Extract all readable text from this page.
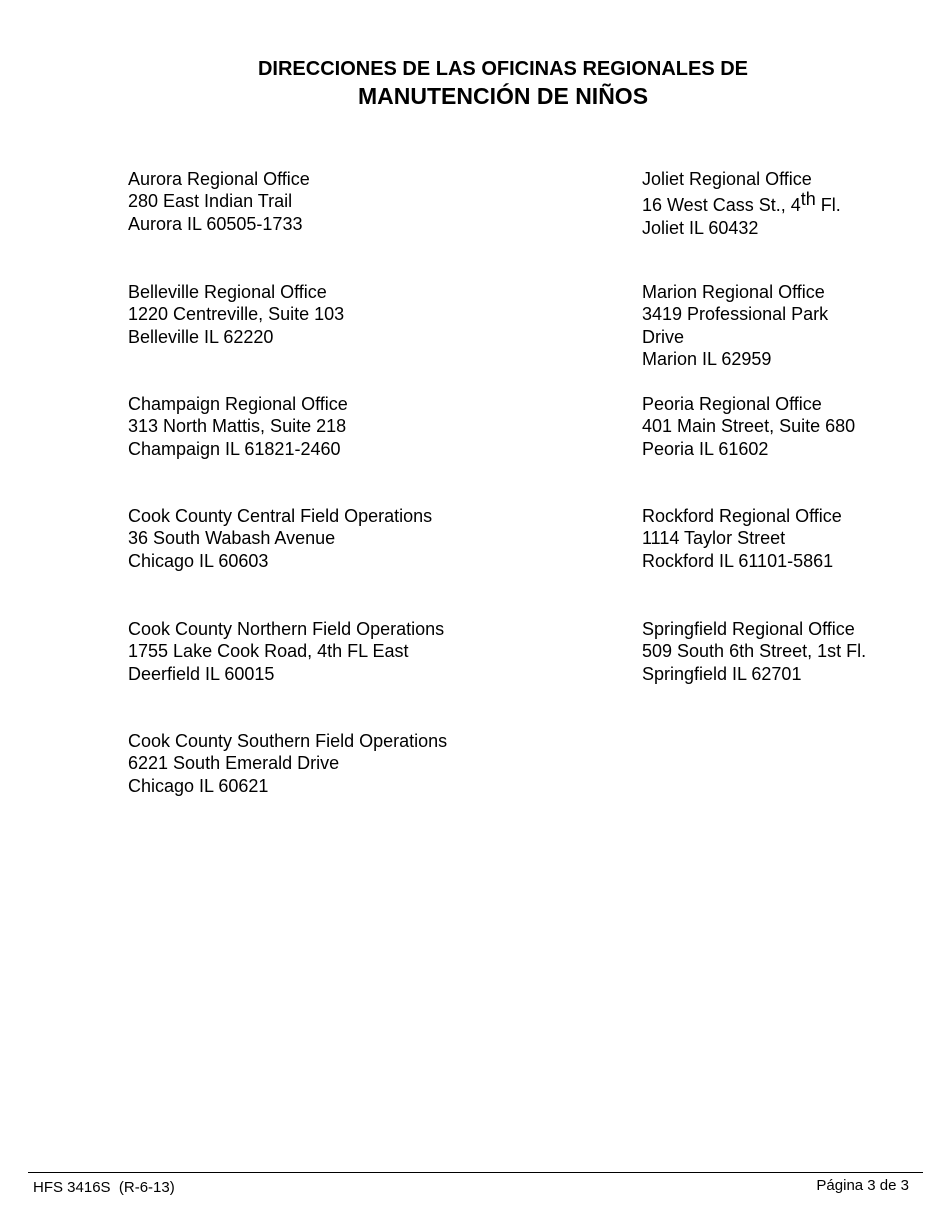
DIRECCIONES DE LAS OFICINAS REGIONALES DE
MANUTENCIÓN DE NIÑOS
Aurora Regional Office
280 East Indian Trail
Aurora IL 60505-1733
Belleville Regional Office
1220 Centreville, Suite 103
Belleville IL 62220
Champaign Regional Office
313 North Mattis, Suite 218
Champaign IL 61821-2460
Cook County Central Field Operations
36 South Wabash Avenue
Chicago IL 60603
Cook County Northern Field Operations
1755 Lake Cook Road, 4th FL East
Deerfield IL 60015
Cook County Southern Field Operations
6221 South Emerald Drive
Chicago IL 60621
Joliet Regional Office
16 West Cass St., 4th Fl.
Joliet IL 60432
Marion Regional Office
3419 Professional Park
Drive
Marion IL 62959
Peoria Regional Office
401 Main Street, Suite 680
Peoria IL 61602
Rockford Regional Office
1114 Taylor Street
Rockford IL 61101-5861
Springfield Regional Office
509 South 6th Street, 1st Fl.
Springfield IL 62701
HFS 3416S  (R-6-13)	Página 3 de 3
